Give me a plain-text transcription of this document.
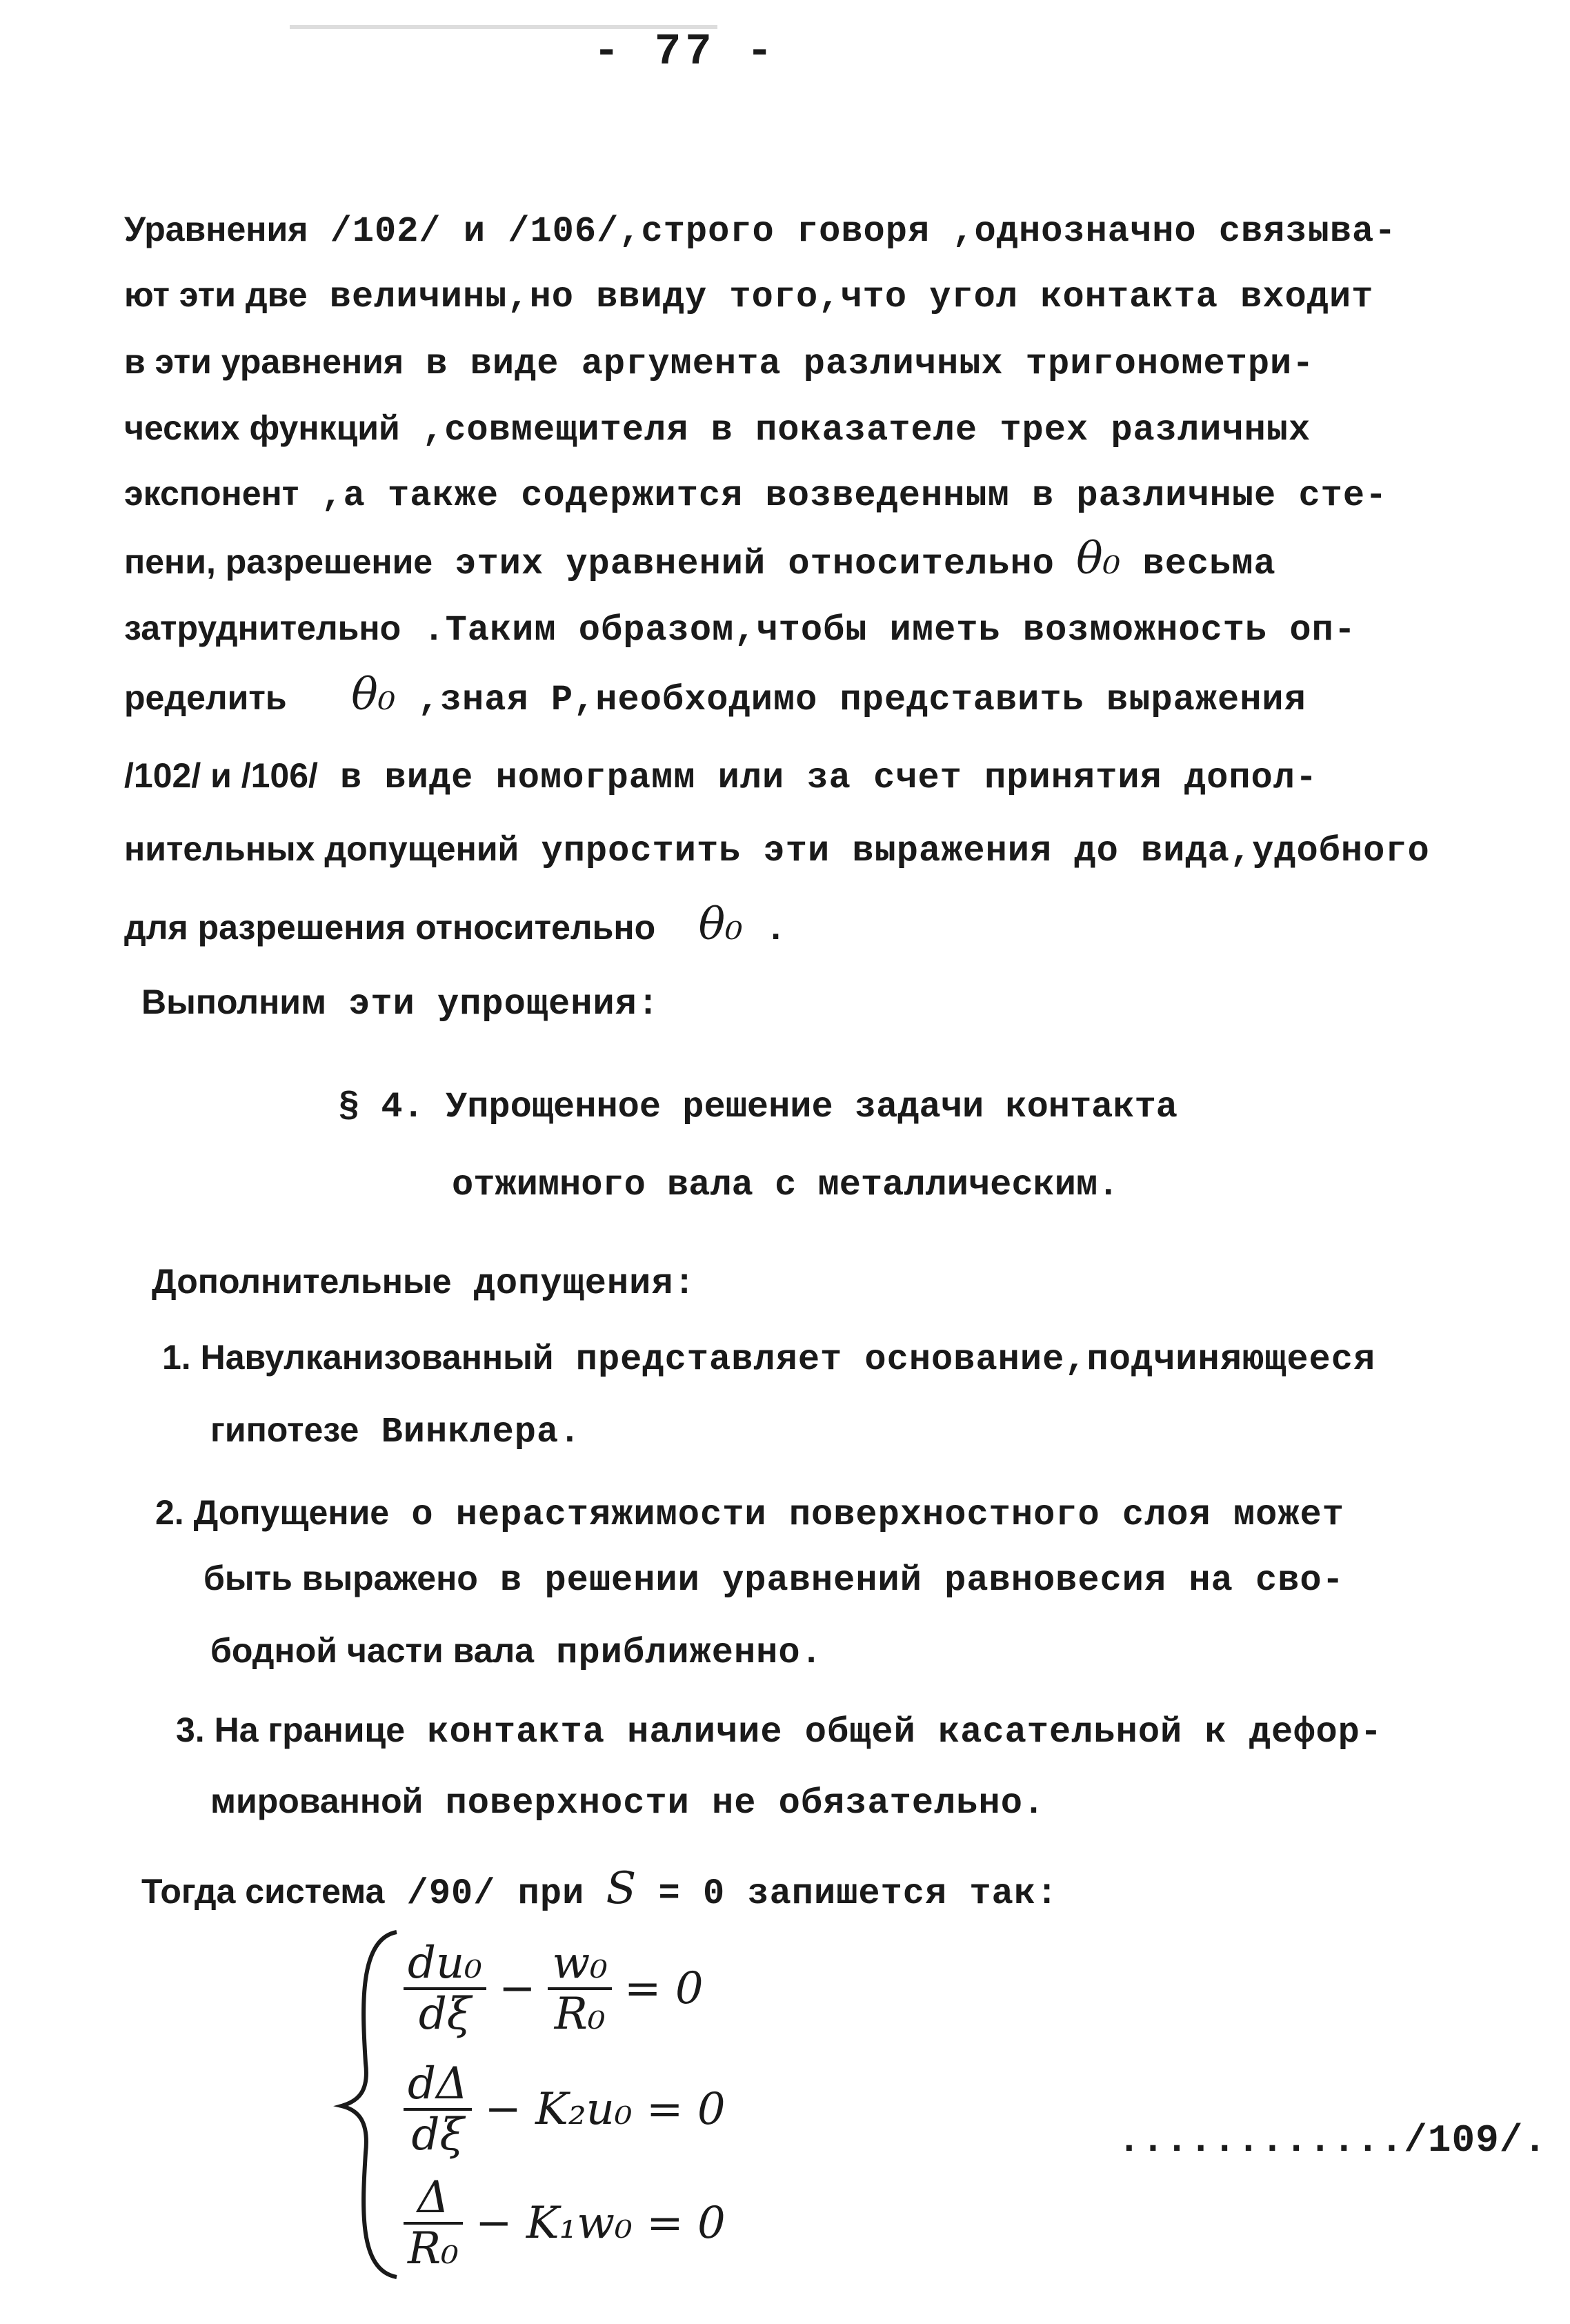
- 77 -
Уравнения /102/ и /106/,строго говоря ,однозначно связыва-
ют эти две величины,но ввиду того,что угол контакта входит
в эти уравнения в виде аргумента различных тригонометри-
ческих функций ,совмещителя в показателе трех различных
экспонент ,а также содержится возведенным в различные сте-
пени, разрешение этих уравнений относительно θ₀ весьма
затруднительно .Таким образом,чтобы иметь возможность оп-
ределить θ₀ ,зная Р,необходимо представить выражения
/102/ и /106/ в виде номограмм или за счет принятия допол-
нительных допущений упростить эти выражения до вида,удобного
для разрешения относительно θ₀ .
Выполним эти упрощения:
§ 4. Упрощенное решение задачи контакта
отжимного вала с металлическим.
Дополнительные допущения:
1. Навулканизованный представляет основание,подчиняющееся
гипотезе Винклера.
2. Допущение о нерастяжимости поверхностного слоя может
быть выражено в решении уравнений равновесия на сво-
бодной части вала приближенно.
3. На границе контакта наличие общей касательной к дефор-
мированной поверхности не обязательно.
Тогда система /90/ при S = 0 запишется так:
$\frac{\text{du₀}}{d\xi} - \frac{\text{w₀}}{\text{R₀}} = 0$
$\frac{d\Delta}{d\xi} - K_2u_0 = 0$
$\frac{\Delta}{\text{R₀}} - K_1w_0 = 0$
............/109/.
